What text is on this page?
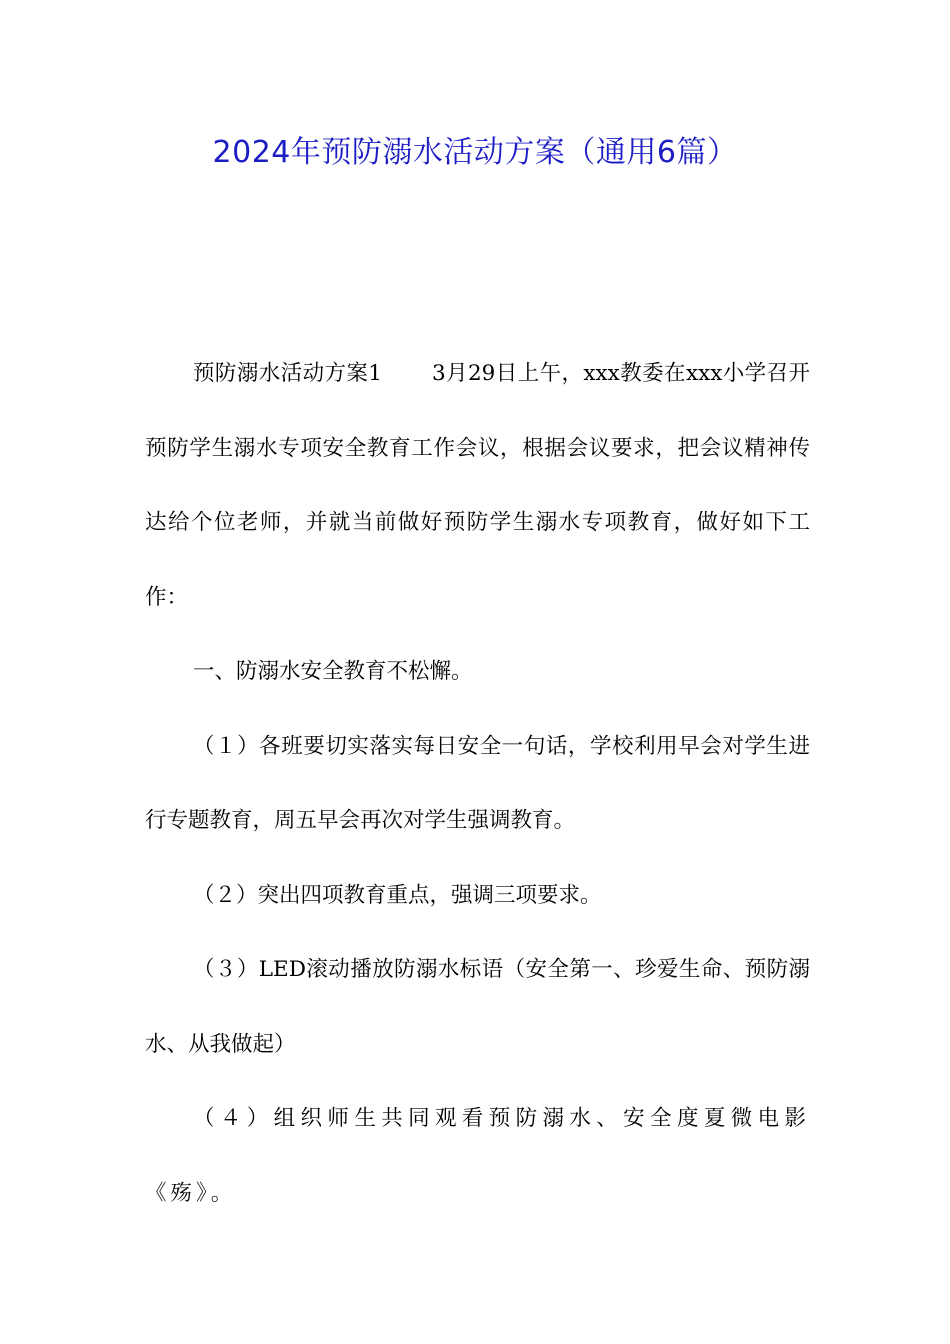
2024年预防溺水活动方案（通用6篇）

预防溺水活动方案1 3月29日上午，xxx教委在xxx小学召开预防学生溺水专项安全教育工作会议，根据会议要求，把会议精神传达给个位老师，并就当前做好预防学生溺水专项教育，做好如下工作：

一、防溺水安全教育不松懈。

（１）各班要切实落实每日安全一句话，学校利用早会对学生进行专题教育，周五早会再次对学生强调教育。

（２）突出四项教育重点，强调三项要求。

（３）LED滚动播放防溺水标语（安全第一、珍爱生命、预防溺水、从我做起）

（４）组织师生共同观看预防溺水、安全度夏微电影《殇》。
